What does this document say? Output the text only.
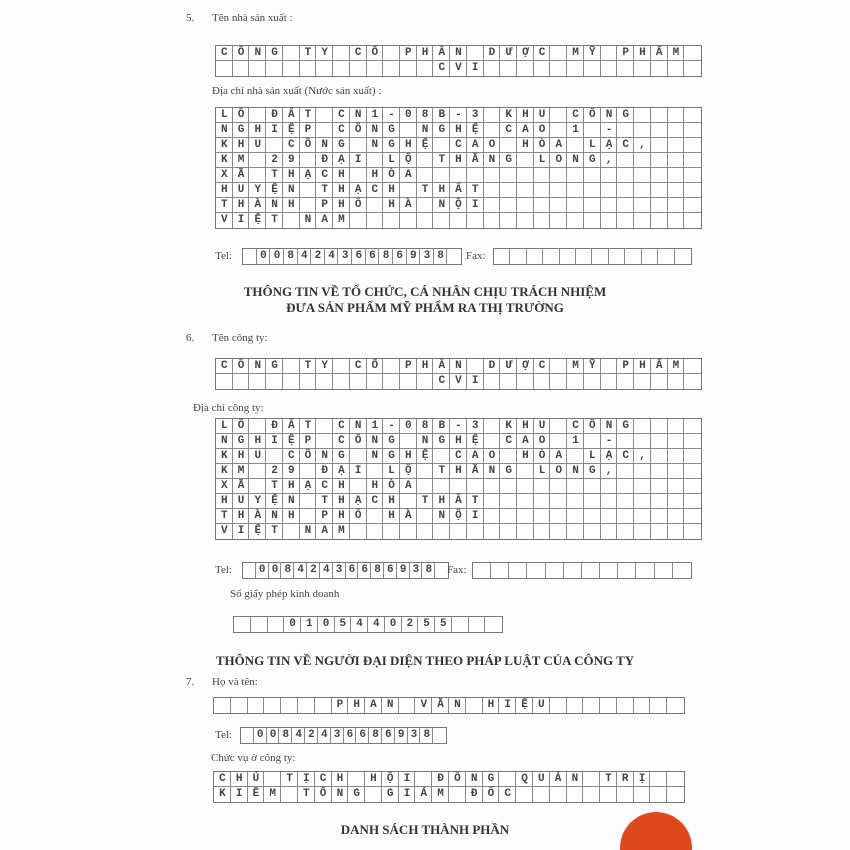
5. Tên nhà sản xuất :
CÔNG TY CỔ PHẦN DƯỢC MỸ PHẨM
CVI
Địa chỉ nhà sản xuất (Nước sản xuất) :
LÔ ĐẤT CN1-08B-3 KHU CÔNG
NGHIỆP CÔNG NGHỆ CAO 1 -
KHU CÔNG NGHỆ CAO HÒA LẠC,
KM 29 ĐẠI LỘ THĂNG LONG,
XÃ THẠCH HÒA
HUYỆN THẠCH THẤT
THÀNH PHỐ HÀ NỘI
VIỆT NAM
Tel:	00842436686938 Fax:

THÔNG TIN VỀ TỔ CHỨC, CÁ NHÂN CHỊU TRÁCH NHIỆM
ĐƯA SẢN PHẨM MỸ PHẨM RA THỊ TRƯỜNG
6. Tên công ty:
CÔNG TY CỔ PHẦN DƯỢC MỸ PHẨM
CVI
Địa chỉ công ty:
LÔ ĐẤT CN1-08B-3 KHU CÔNG
NGHIỆP CÔNG NGHỆ CAO 1 -
KHU CÔNG NGHỆ CAO HÒA LẠC,
KM 29 ĐẠI LỘ THĂNG LONG,
XÃ THẠCH HÒA
HUYỆN THẠCH THẤT
THÀNH PHỐ HÀ NỘI
VIỆT NAM
Tel: 00842436686938
Fax:

Số giấy phép kinh doanh
0105440255
THÔNG TIN VỀ NGƯỜI ĐẠI DIỆN THEO PHÁP LUẬT CỦA CÔNG TY
7. Họ và tên:
PHAN VĂN HIỆU
Tel: 00842436686938
Chức vụ ở công ty:
CHỦ TỊCH HỘI ĐỒNG QUẢN TRỊ
KIÊM TỔNG GIÁM ĐỐC
DANH SÁCH THÀNH PHẦN
